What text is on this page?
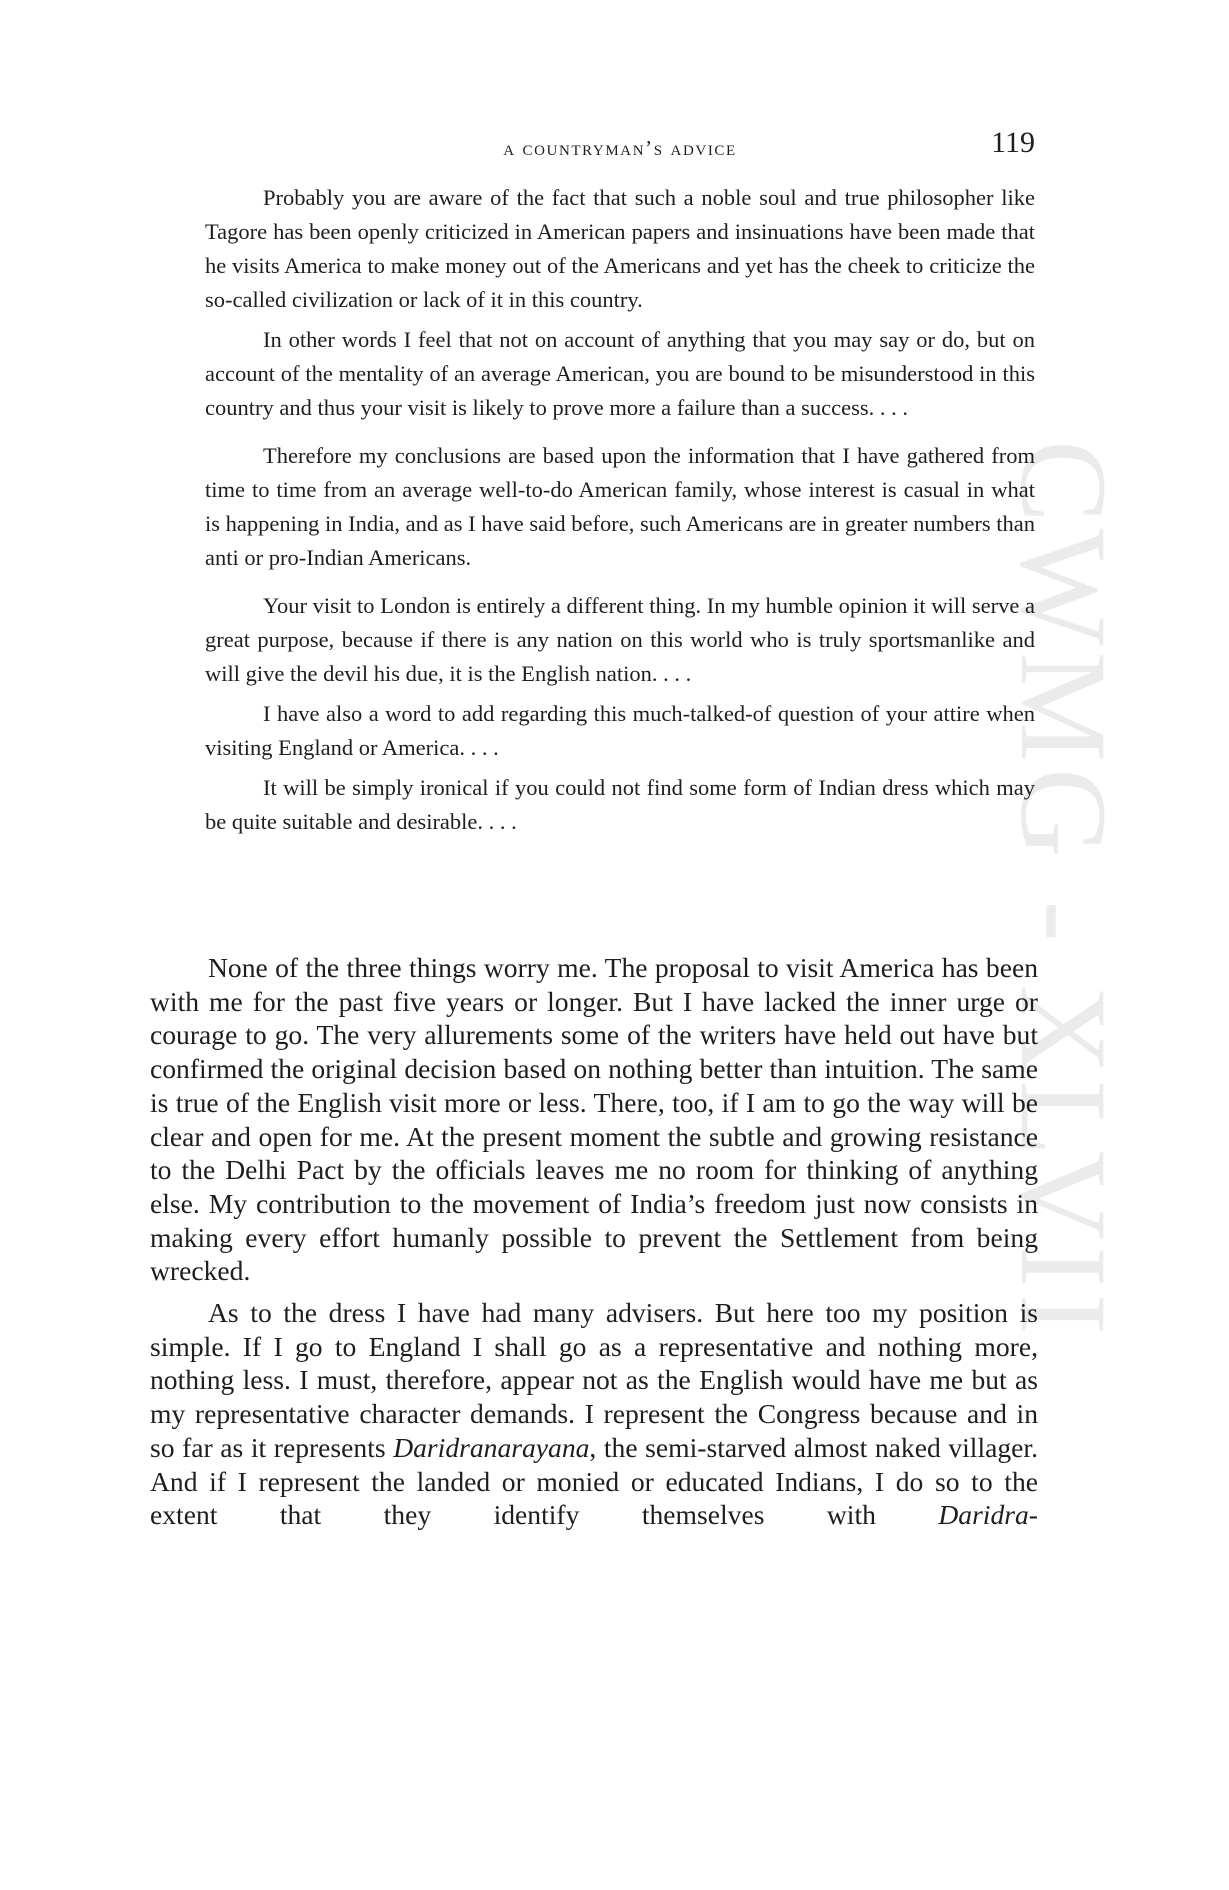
CWMG - XLVII
a countryman’s advice	119

Probably you are aware of the fact that such a noble soul and true philosopher like Tagore has been openly criticized in American papers and insinuations have been made that he visits America to make money out of the Americans and yet has the cheek to criticize the so-called civilization or lack of it in this country.

In other words I feel that not on account of anything that you may say or do, but on account of the mentality of an average American, you are bound to be misunderstood in this country and thus your visit is likely to prove more a failure than a success. . . .

Therefore my conclusions are based upon the information that I have gathered from time to time from an average well-to-do American family, whose interest is casual in what is happening in India, and as I have said before, such Americans are in greater numbers than anti or pro-Indian Americans.

Your visit to London is entirely a different thing. In my humble opinion it will serve a great purpose, because if there is any nation on this world who is truly sportsmanlike and will give the devil his due, it is the English nation. . . .

I have also a word to add regarding this much-talked-of question of your attire when visiting England or America. . . .

It will be simply ironical if you could not find some form of Indian dress which may be quite suitable and desirable. . . .

None of the three things worry me. The proposal to visit America has been with me for the past five years or longer. But I have lacked the inner urge or courage to go. The very allurements some of the writers have held out have but confirmed the original decision based on nothing better than intuition. The same is true of the English visit more or less. There, too, if I am to go the way will be clear and open for me. At the present moment the subtle and growing resistance to the Delhi Pact by the officials leaves me no room for thinking of anything else. My contribution to the movement of India’s freedom just now consists in making every effort humanly possible to prevent the Settlement from being wrecked.

As to the dress I have had many advisers. But here too my position is simple. If I go to England I shall go as a representative and nothing more, nothing less. I must, therefore, appear not as the English would have me but as my representative character demands. I represent the Congress because and in so far as it represents Daridranarayana, the semi-starved almost naked villager. And if I represent the landed or monied or educated Indians, I do so to the extent that they identify themselves with Daridra-
